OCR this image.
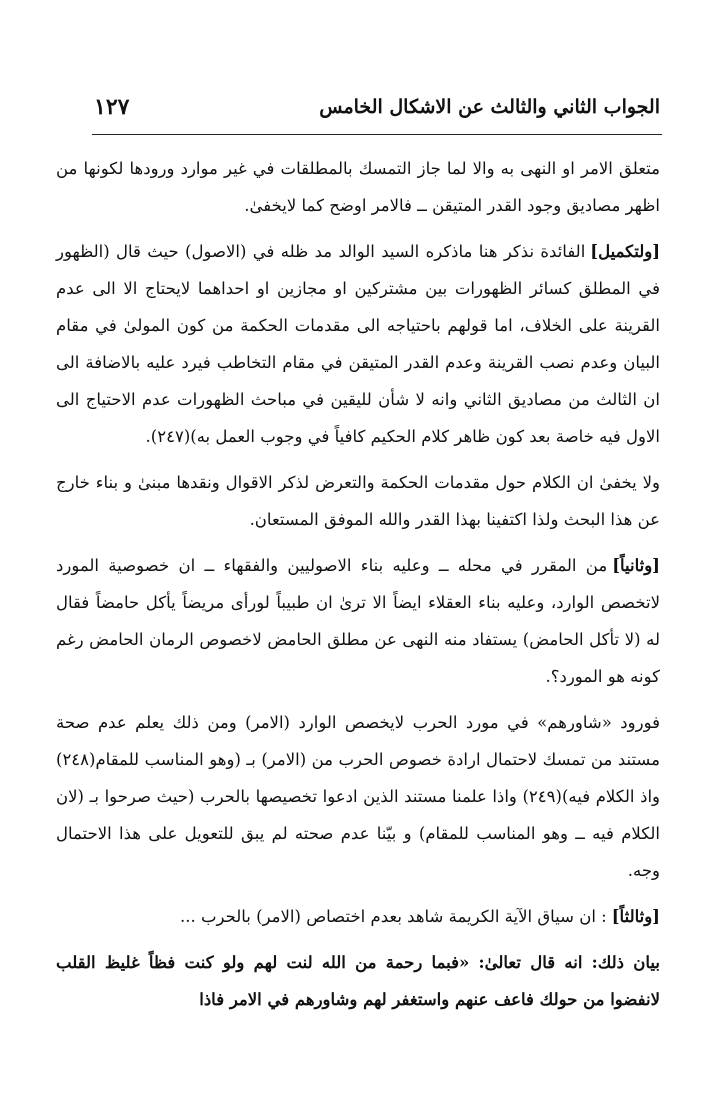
الجواب الثاني والثالث عن الاشكال الخامس
١٢٧

متعلق الامر او النهى به والا لما جاز التمسك بالمطلقات في غير موارد ورودها لكونها من اظهر مصاديق وجود القدر المتيقن ــ فالامر اوضح كما لايخفىٰ.

[ولتكميل]الفائدة نذكر هنا ماذكره السيد الوالد مد ظله في (الاصول) حيث قال (الظهور في المطلق كسائر الظهورات بين مشتركين او مجازين او احداهما لايحتاج الا الى عدم القرينة على الخلاف، اما قولهم باحتياجه الى مقدمات الحكمة من كون المولىٰ في مقام البيان وعدم نصب القرينة وعدم القدر المتيقن في مقام التخاطب فيرد عليه بالاضافة الى ان الثالث من مصاديق الثاني وانه لا شأن لليقين في مباحث الظهورات عدم الاحتياج الى الاول فيه خاصة بعد كون ظاهر كلام الحكيم كافياً في وجوب العمل به)(٢٤٧).

ولا يخفىٰ ان الكلام حول مقدمات الحكمة والتعرض لذكر الاقوال ونقدها مبنىٰ و بناء خارج عن هذا البحث ولذا اكتفينا بهذا القدر والله الموفق المستعان.

[وثانياً]من المقرر في محله ــ وعليه بناء الاصوليين والفقهاء ــ ان خصوصية المورد لاتخصص الوارد، وعليه بناء العقلاء ايضاً الا ترىٰ ان طبيباً لورأى مريضاً يأكل حامضاً فقال له (لا تأكل الحامض) يستفاد منه النهى عن مطلق الحامض لاخصوص الرمان الحامض رغم كونه هو المورد؟.

فورود «شاورهم» في مورد الحرب لايخصص الوارد (الامر) ومن ذلك يعلم عدم صحة مستند من تمسك لاحتمال ارادة خصوص الحرب من (الامر) بـ (وهو المناسب للمقام(٢٤٨) واذ الكلام فيه)(٢٤٩) واذا علمنا مستند الذين ادعوا تخصيصها بالحرب (حيث صرحوا بـ (لان الكلام فيه ــ وهو المناسب للمقام) و بيّنا عدم صحته لم يبق للتعويل على هذا الاحتمال وجه.

[وثالثاً]: ان سياق الآية الكريمة شاهد بعدم اختصاص (الامر) بالحرب ...

بيان ذلك: انه قال تعالىٰ: «فبما رحمة من الله لنت لهم ولو كنت فظاً غليظ القلب لانفضوا من حولك فاعف عنهم واستغفر لهم وشاورهم في الامر فاذا
